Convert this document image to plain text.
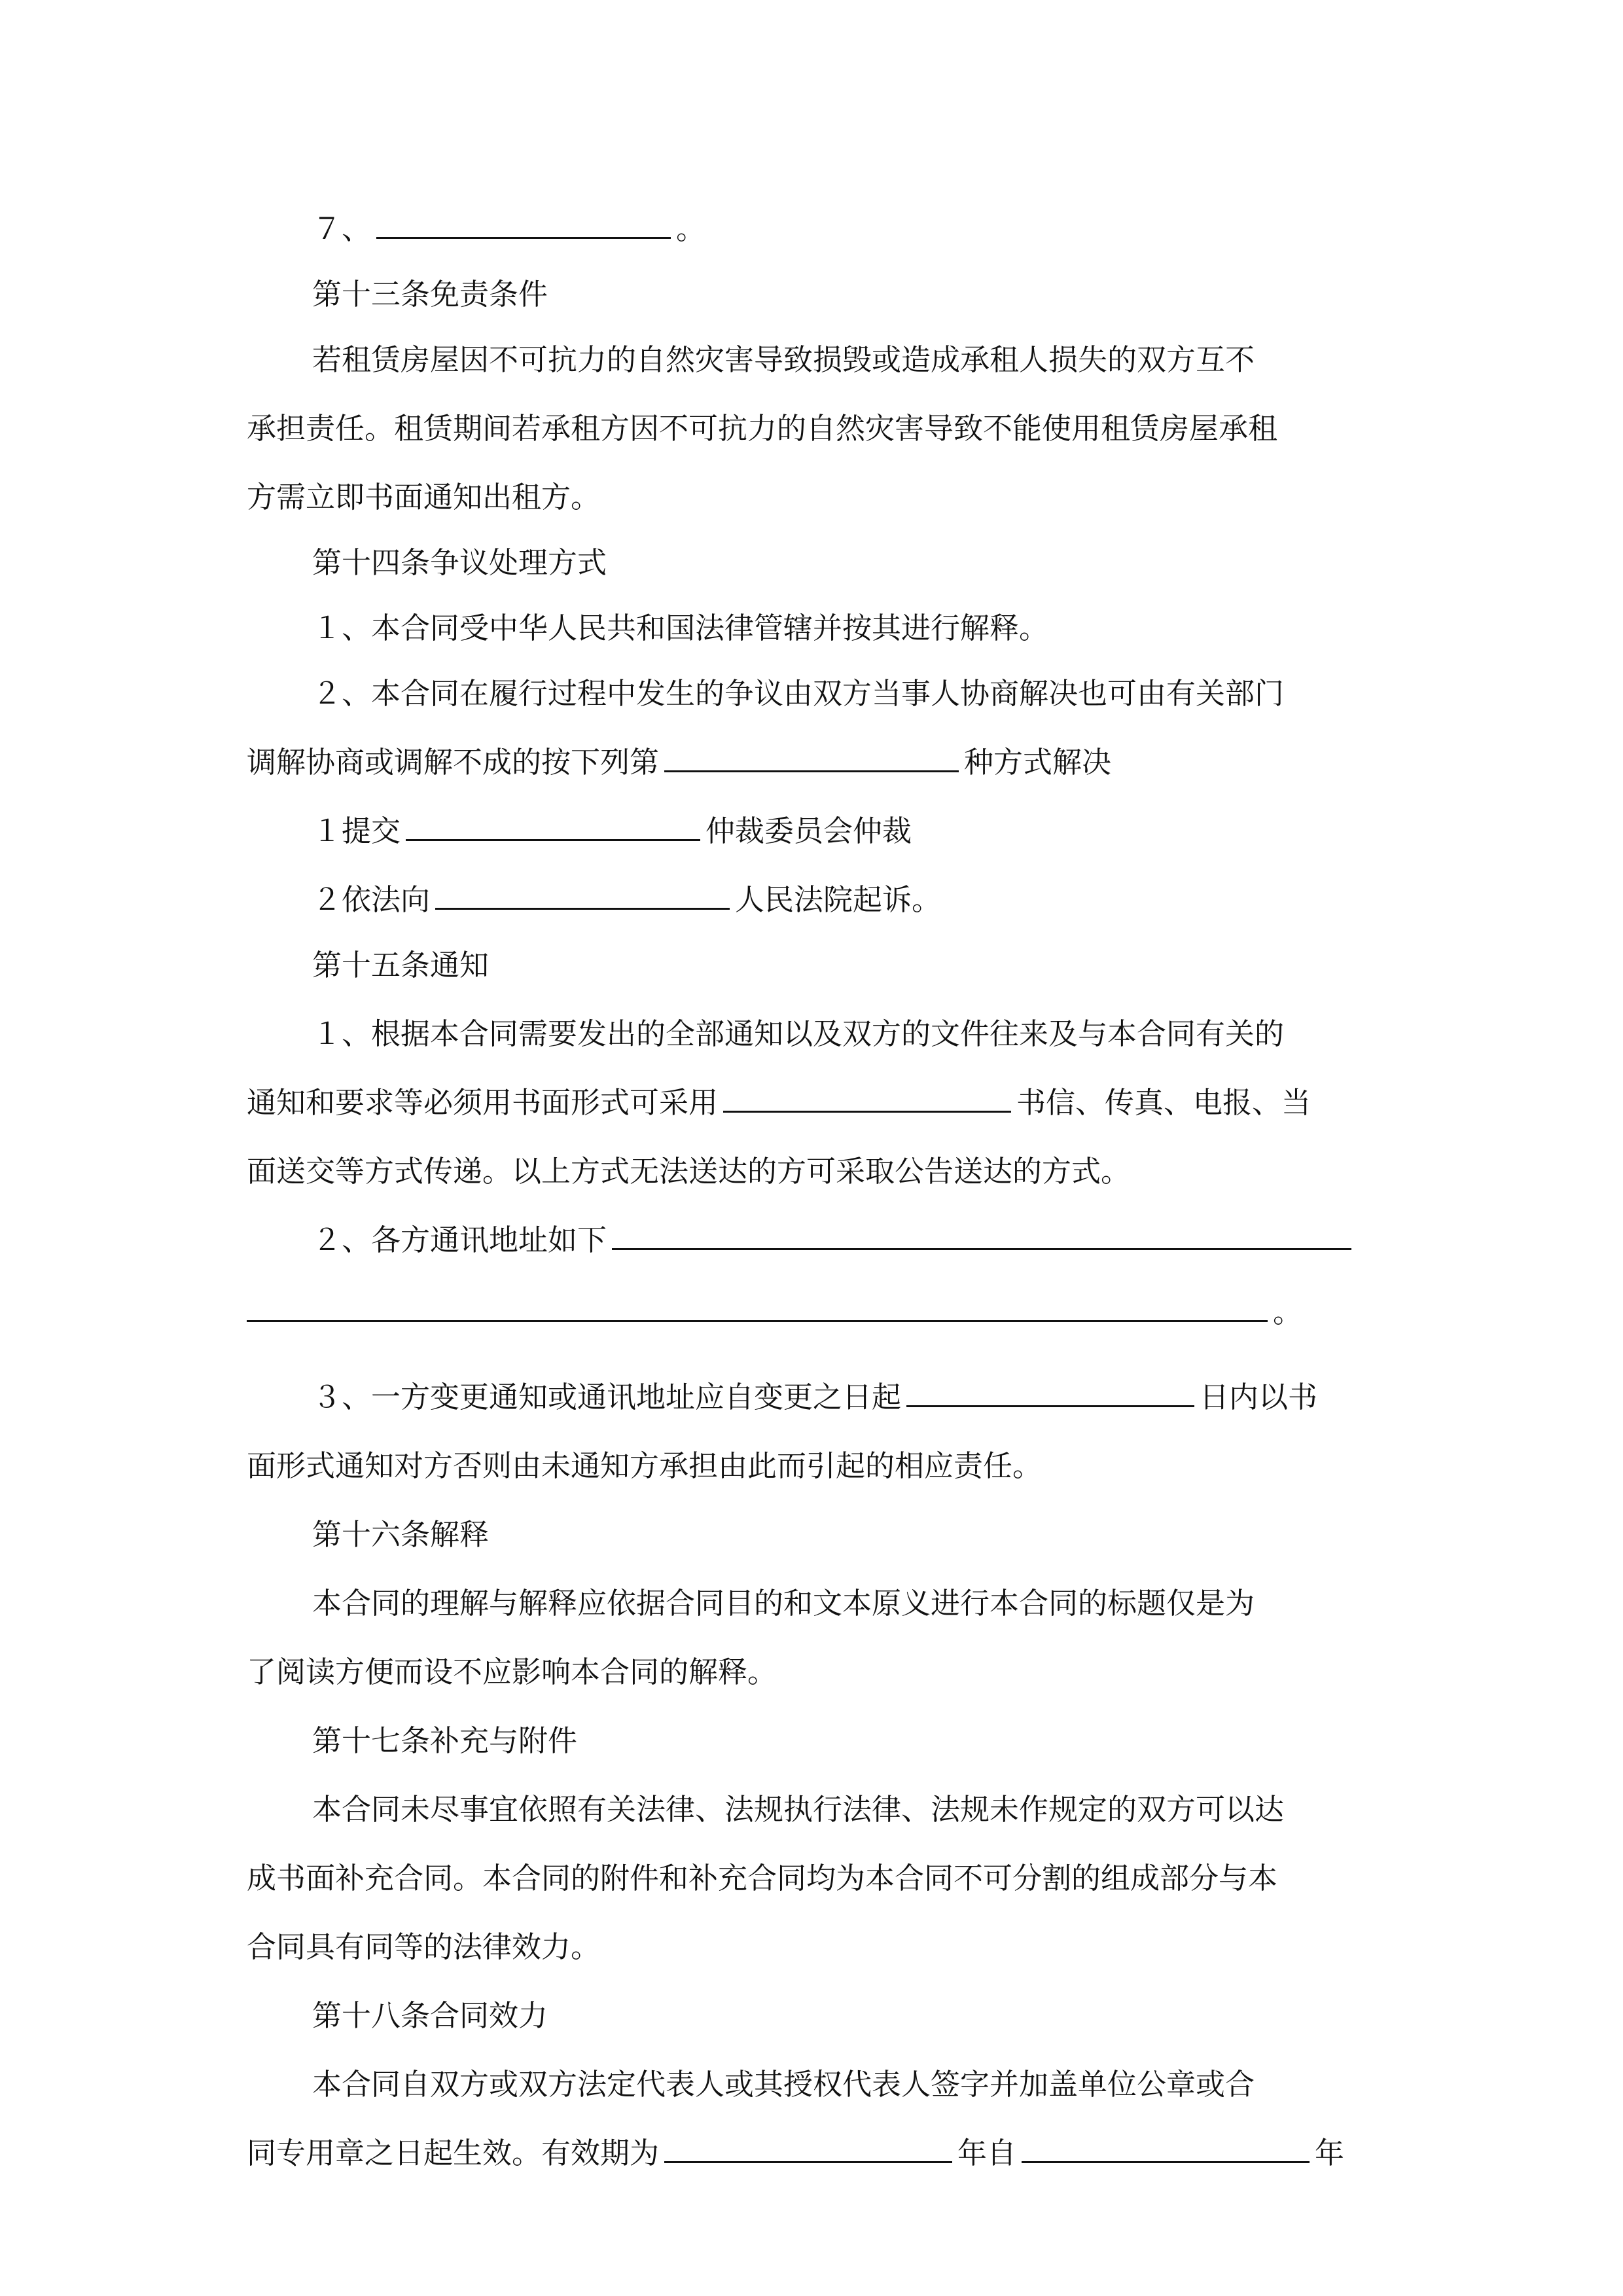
７、	。
第十三条免责条件
若租赁房屋因不可抗力的自然灾害导致损毁或造成承租人损失的双方互不
承担责任。租赁期间若承租方因不可抗力的自然灾害导致不能使用租赁房屋承租
方需立即书面通知出租方。
第十四条争议处理方式
１、本合同受中华人民共和国法律管辖并按其进行解释。
２、本合同在履行过程中发生的争议由双方当事人协商解决也可由有关部门
调解协商或调解不成的按下列第	种方式解决
１提交	仲裁委员会仲裁
２依法向	人民法院起诉。
第十五条通知
１、根据本合同需要发出的全部通知以及双方的文件往来及与本合同有关的
通知和要求等必须用书面形式可采用	书信、传真、电报、当
面送交等方式传递。以上方式无法送达的方可采取公告送达的方式。
２、各方通讯地址如下
。
３、一方变更通知或通讯地址应自变更之日起	日内以书
面形式通知对方否则由未通知方承担由此而引起的相应责任。
第十六条解释
本合同的理解与解释应依据合同目的和文本原义进行本合同的标题仅是为
了阅读方便而设不应影响本合同的解释。
第十七条补充与附件
本合同未尽事宜依照有关法律、法规执行法律、法规未作规定的双方可以达
成书面补充合同。本合同的附件和补充合同均为本合同不可分割的组成部分与本
合同具有同等的法律效力。
第十八条合同效力
本合同自双方或双方法定代表人或其授权代表人签字并加盖单位公章或合
同专用章之日起生效。有效期为	年自	年
